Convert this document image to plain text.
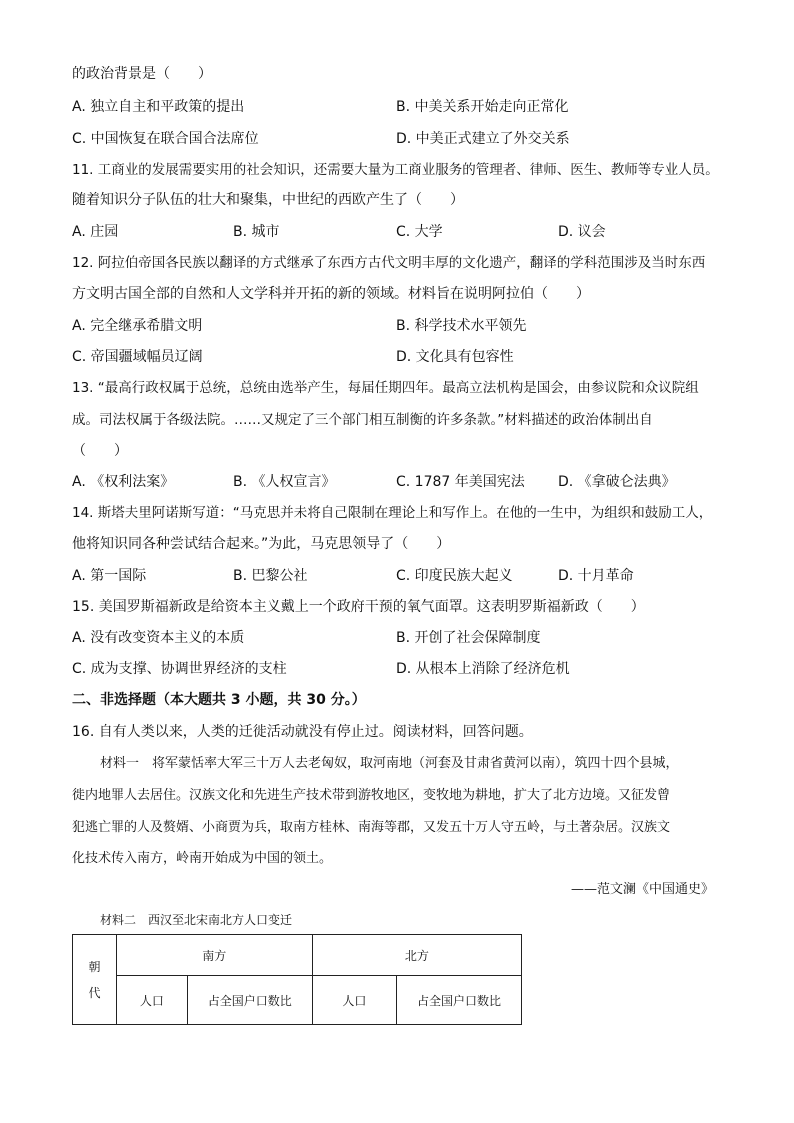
的政治背景是（　　）
A. 独立自主和平政策的提出	B. 中美关系开始走向正常化
C. 中国恢复在联合国合法席位	D. 中美正式建立了外交关系
11. 工商业的发展需要实用的社会知识，还需要大量为工商业服务的管理者、律师、医生、教师等专业人员。
随着知识分子队伍的壮大和聚集，中世纪的西欧产生了（　　）
A. 庄园	B. 城市	C. 大学	D. 议会
12. 阿拉伯帝国各民族以翻译的方式继承了东西方古代文明丰厚的文化遗产，翻译的学科范围涉及当时东西
方文明古国全部的自然和人文学科并开拓的新的领域。材料旨在说明阿拉伯（　　）
A. 完全继承希腊文明	B. 科学技术水平领先
C. 帝国疆域幅员辽阔	D. 文化具有包容性
13. “最高行政权属于总统，总统由选举产生，每届任期四年。最高立法机构是国会，由参议院和众议院组
成。司法权属于各级法院。……又规定了三个部门相互制衡的许多条款。”材料描述的政治体制出自
（　　）
A. 《权利法案》	B. 《人权宣言》	C. 1787 年美国宪法 D. 《拿破仑法典》
14. 斯塔夫里阿诺斯写道：“马克思并未将自己限制在理论上和写作上。在他的一生中，为组织和鼓励工人，
他将知识同各种尝试结合起来。”为此，马克思领导了（　　）
A. 第一国际	B. 巴黎公社	C. 印度民族大起义	D. 十月革命
15. 美国罗斯福新政是给资本主义戴上一个政府干预的氧气面罩。这表明罗斯福新政（　　）
A. 没有改变资本主义的本质	B. 开创了社会保障制度
C. 成为支撑、协调世界经济的支柱	D. 从根本上消除了经济危机
二、非选择题（本大题共 3 小题，共 30 分。）
16. 自有人类以来，人类的迁徙活动就没有停止过。阅读材料，回答问题。
材料一　将军蒙恬率大军三十万人去老匈奴，取河南地（河套及甘肃省黄河以南），筑四十四个县城，
徙内地罪人去居住。汉族文化和先进生产技术带到游牧地区，变牧地为耕地，扩大了北方边境。又征发曾
犯逃亡罪的人及赘婿、小商贾为兵，取南方桂林、南海等郡，又发五十万人守五岭，与土著杂居。汉族文
化技术传入南方，岭南开始成为中国的领土。
——范文澜《中国通史》
材料二　西汉至北宋南北方人口变迁
朝代	南方		北方	
	人口	占全国户口数比	人口	占全国户口数比
